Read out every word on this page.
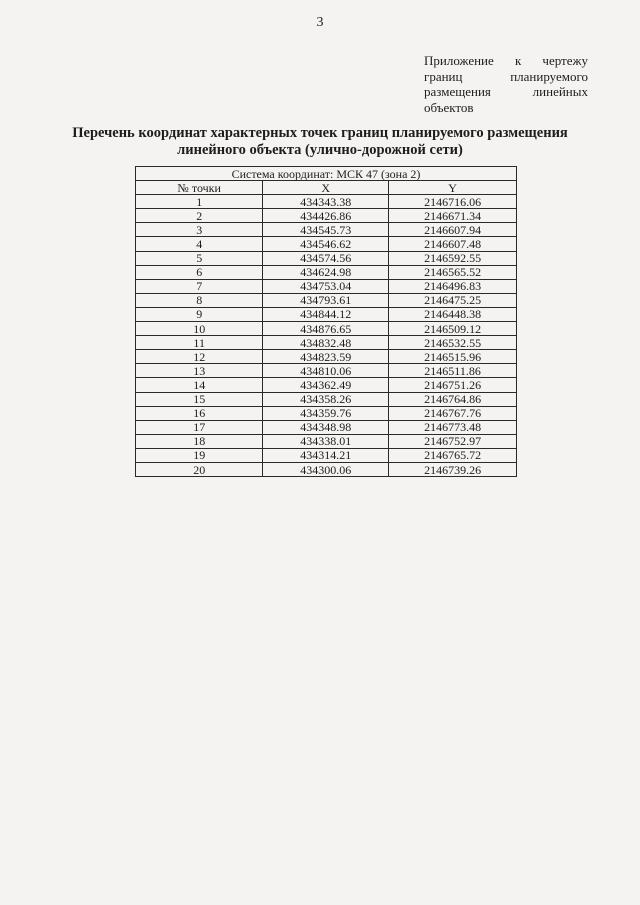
3
Приложение к чертежу
границ планируемого
размещения линейных
объектов
Перечень координат характерных точек границ планируемого размещения
линейного объекта (улично-дорожной сети)
Система координат: МСК 47 (зона 2)		
№ точки	X	Y
1	434343.38	2146716.06
2	434426.86	2146671.34
3	434545.73	2146607.94
4	434546.62	2146607.48
5	434574.56	2146592.55
6	434624.98	2146565.52
7	434753.04	2146496.83
8	434793.61	2146475.25
9	434844.12	2146448.38
10	434876.65	2146509.12
11	434832.48	2146532.55
12	434823.59	2146515.96
13	434810.06	2146511.86
14	434362.49	2146751.26
15	434358.26	2146764.86
16	434359.76	2146767.76
17	434348.98	2146773.48
18	434338.01	2146752.97
19	434314.21	2146765.72
20	434300.06	2146739.26
